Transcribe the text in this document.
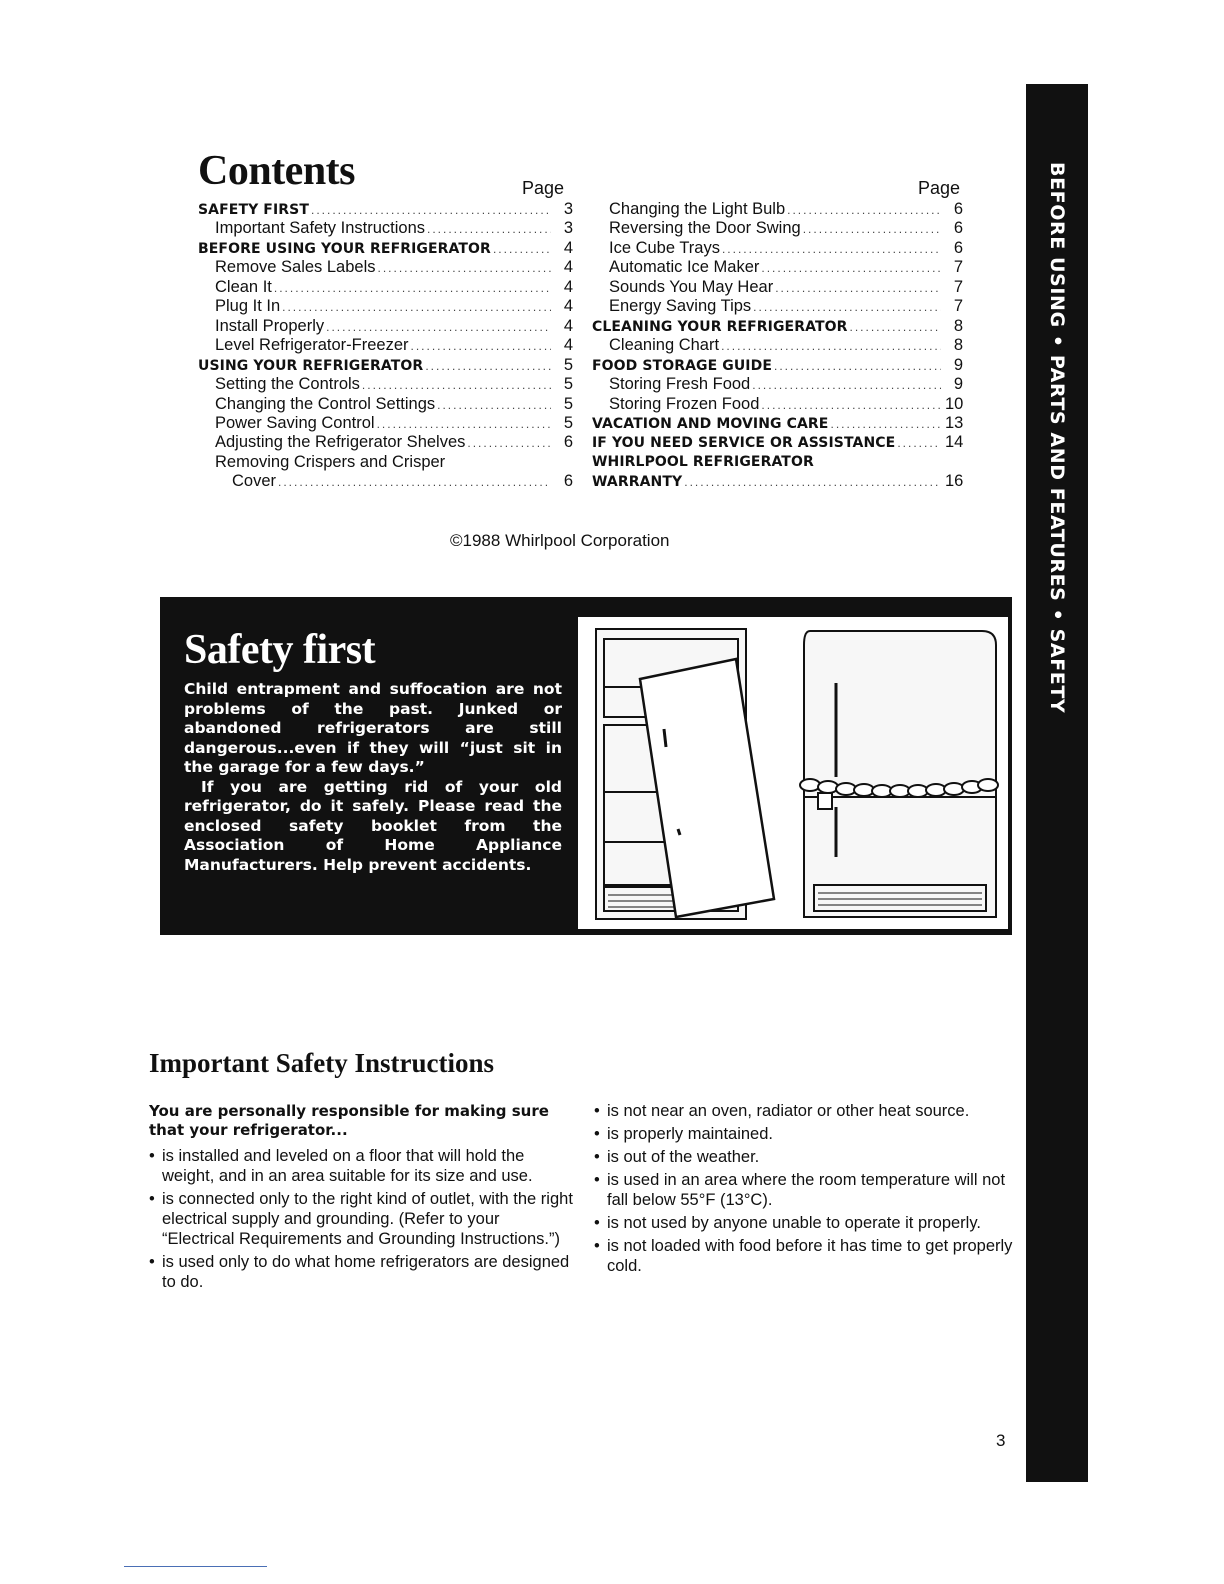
BEFORE USING • PARTS AND FEATURES • SAFETY
Contents	Page
SAFETY FIRST .....	3
Important Safety Instructions .....	3
BEFORE USING YOUR REFRIGERATOR .....	4
Remove Sales Labels .....	4
Clean It .....	4
Plug It In .....	4
Install Properly .....	4
Level Refrigerator-Freezer .....	4
USING YOUR REFRIGERATOR .....	5
Setting the Controls .....	5
Changing the Control Settings .....	5
Power Saving Control .....	5
Adjusting the Refrigerator Shelves .....	6
Removing Crispers and Crisper
Cover .....	6
Page
Changing the Light Bulb .....	6
Reversing the Door Swing .....	6
Ice Cube Trays .....	6
Automatic Ice Maker .....	7
Sounds You May Hear .....	7
Energy Saving Tips .....	7
CLEANING YOUR REFRIGERATOR .....	8
Cleaning Chart .....	8
FOOD STORAGE GUIDE .....	9
Storing Fresh Food .....	9
Storing Frozen Food .....	10
VACATION AND MOVING CARE .....	13
IF YOU NEED SERVICE OR ASSISTANCE .....	14
WHIRLPOOL REFRIGERATOR
WARRANTY .....	16
©1988 Whirlpool Corporation
Safety first

Child entrapment and suffocation are not problems of the past. Junked or abandoned refrigerators are still dangerous...even if they will “just sit in the garage for a few days.”

If you are getting rid of your old refrigerator, do it safely. Please read the enclosed safety booklet from the Association of Home Appliance Manufacturers. Help prevent accidents.

Important Safety Instructions
You are personally responsible for making sure that your refrigerator...
• is installed and leveled on a floor that will hold the weight, and in an area suitable for its size and use.
• is connected only to the right kind of outlet, with the right electrical supply and grounding. (Refer to your “Electrical Requirements and Grounding Instructions.”)
• is used only to do what home refrigerators are designed to do.
• is not near an oven, radiator or other heat source.
• is properly maintained.
• is out of the weather.
• is used in an area where the room temperature will not fall below 55°F (13°C).
• is not used by anyone unable to operate it properly.
• is not loaded with food before it has time to get properly cold.
3
